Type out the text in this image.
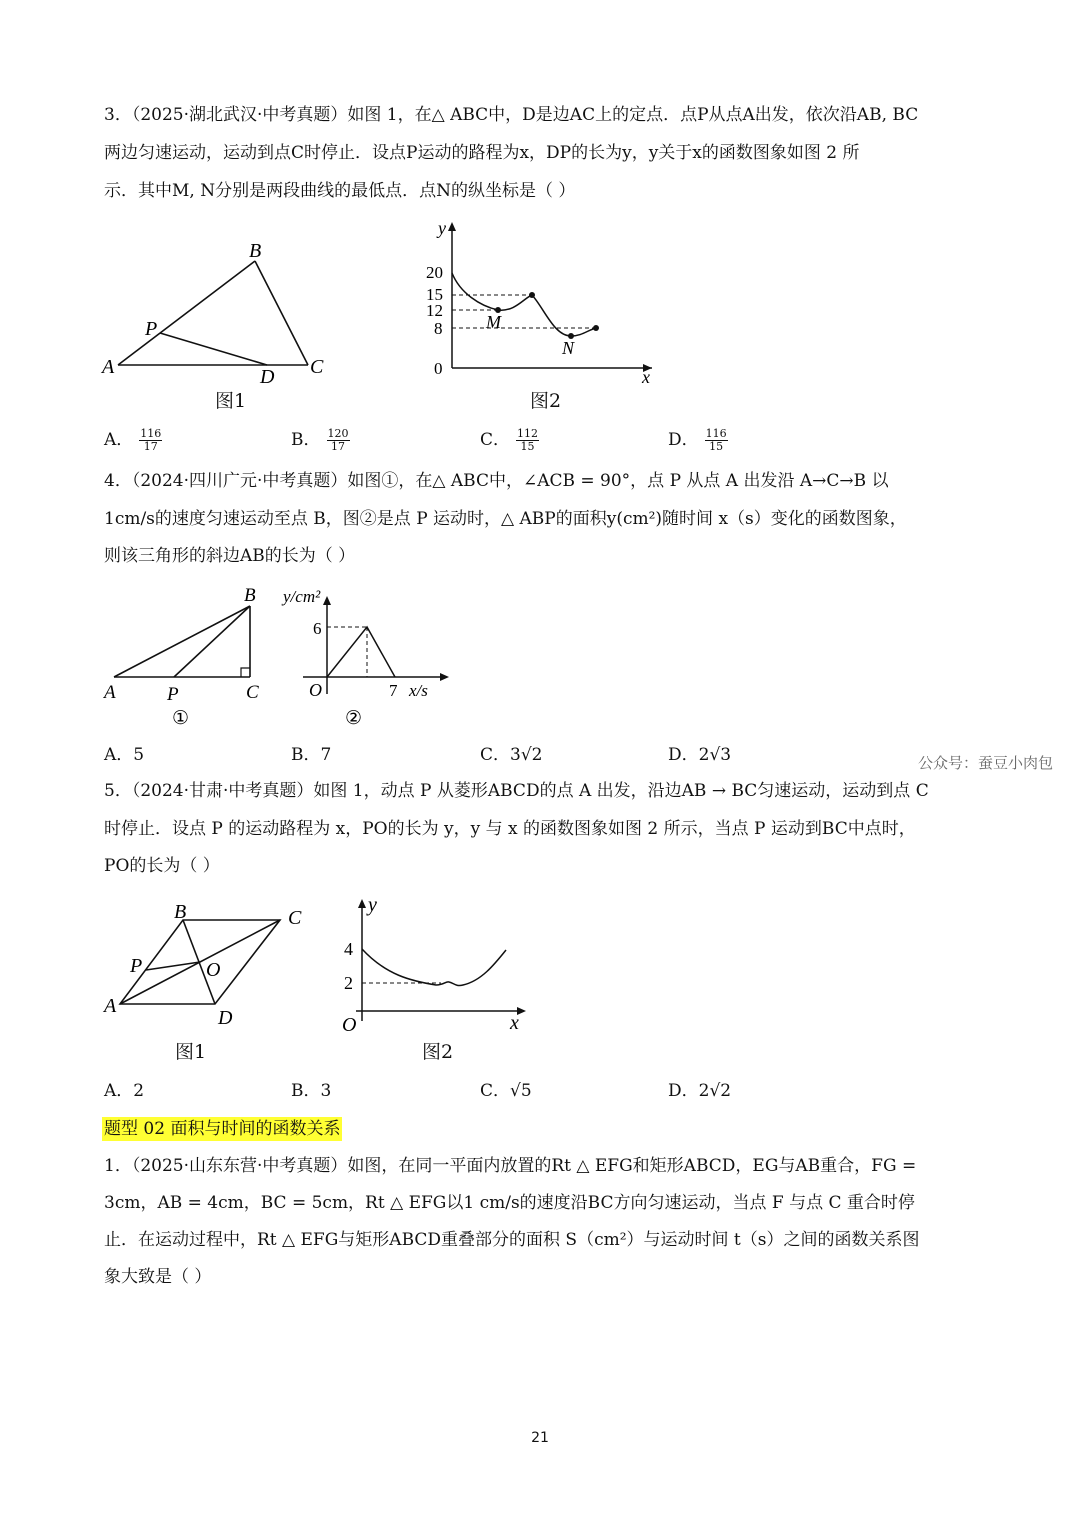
3．（2025·湖北武汉·中考真题）如图 1，在△ ABC中，D是边AC上的定点．点P从点A出发，依次沿AB, BC
两边匀速运动，运动到点C时停止．设点P运动的路程为x，DP的长为y，y关于x的函数图象如图 2 所
示．其中M, N分别是两段曲线的最低点．点N的纵坐标是（ ）
A
B
C
D
P
图1
y
x
0
20
15
12
8 M
N
图2
A． $\frac{116}{17}$	B． $\frac{120}{17}$	C． $\frac{112}{15}$	D． $\frac{116}{15}$
4．（2024·四川广元·中考真题）如图①，在△ ABC中，∠ACB = 90°，点 P 从点 A 出发沿 A→C→B 以
1cm/s的速度匀速运动至点 B，图②是点 P 运动时，△ ABP的面积y(cm²)随时间 x（s）变化的函数图象，
则该三角形的斜边AB的长为（ ）
A
B
C
P
①
y/cm²
6
O	7 x/s
②
A．5	B．7	C．3√2	D．2√3	公众号：蚕豆小肉包
5．（2024·甘肃·中考真题）如图 1，动点 P 从菱形ABCD的点 A 出发，沿边AB → BC匀速运动，运动到点 C
时停止．设点 P 的运动路程为 x，PO的长为 y，y 与 x 的函数图象如图 2 所示，当点 P 运动到BC中点时，
PO的长为（ ）
A
B	C
D
P	O
图1
y
x
O
4
2
图2
A．2	B．3	C．√5	D．2√2
题型 02 面积与时间的函数关系
1．（2025·山东东营·中考真题）如图，在同一平面内放置的Rt △ EFG和矩形ABCD，EG与AB重合，FG =
3cm，AB = 4cm，BC = 5cm，Rt △ EFG以1 cm/s的速度沿BC方向匀速运动，当点 F 与点 C 重合时停
止．在运动过程中，Rt △ EFG与矩形ABCD重叠部分的面积 S（cm²）与运动时间 t（s）之间的函数关系图
象大致是（ ）
21
